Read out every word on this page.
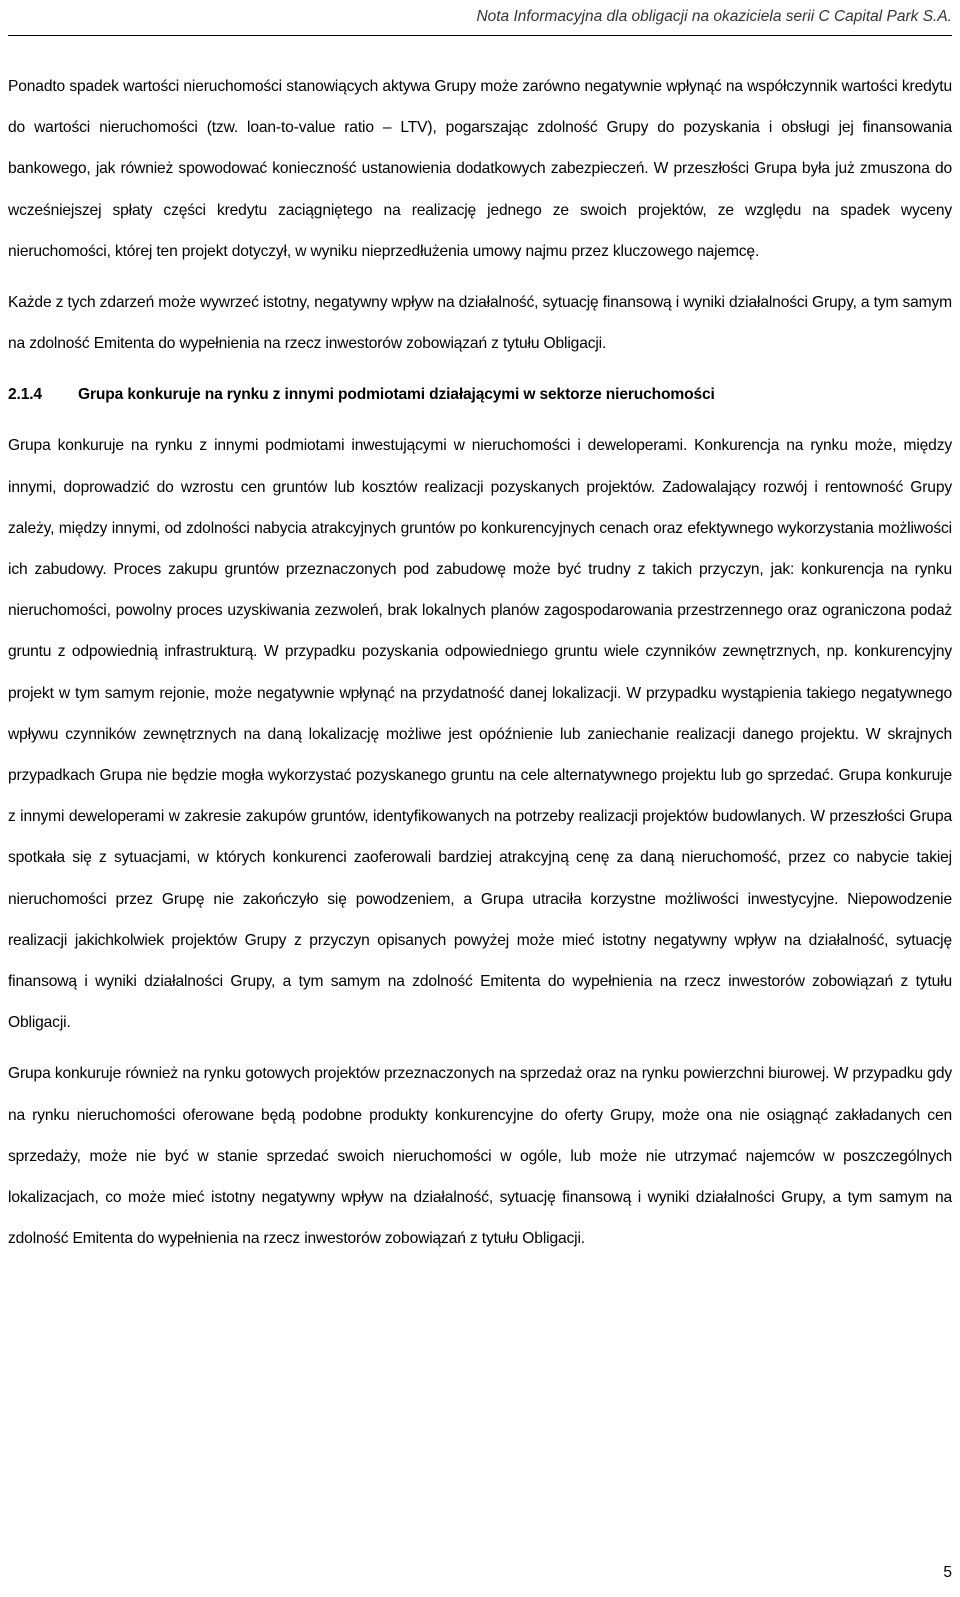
Nota Informacyjna dla obligacji na okaziciela serii C Capital Park S.A.

Ponadto spadek wartości nieruchomości stanowiących aktywa Grupy może zarówno negatywnie wpłynąć na współczynnik wartości kredytu do wartości nieruchomości (tzw. loan-to-value ratio – LTV), pogarszając zdolność Grupy do pozyskania i obsługi jej finansowania bankowego, jak również spowodować konieczność ustanowienia dodatkowych zabezpieczeń. W przeszłości Grupa była już zmuszona do wcześniejszej spłaty części kredytu zaciągniętego na realizację jednego ze swoich projektów, ze względu na spadek wyceny nieruchomości, której ten projekt dotyczył, w wyniku nieprzedłużenia umowy najmu przez kluczowego najemcę.

Każde z tych zdarzeń może wywrzeć istotny, negatywny wpływ na działalność, sytuację finansową i wyniki działalności Grupy, a tym samym na zdolność Emitenta do wypełnienia na rzecz inwestorów zobowiązań z tytułu Obligacji.

2.1.4	Grupa konkuruje na rynku z innymi podmiotami działającymi w sektorze nieruchomości

Grupa konkuruje na rynku z innymi podmiotami inwestującymi w nieruchomości i deweloperami. Konkurencja na rynku może, między innymi, doprowadzić do wzrostu cen gruntów lub kosztów realizacji pozyskanych projektów. Zadowalający rozwój i rentowność Grupy zależy, między innymi, od zdolności nabycia atrakcyjnych gruntów po konkurencyjnych cenach oraz efektywnego wykorzystania możliwości ich zabudowy. Proces zakupu gruntów przeznaczonych pod zabudowę może być trudny z takich przyczyn, jak: konkurencja na rynku nieruchomości, powolny proces uzyskiwania zezwoleń, brak lokalnych planów zagospodarowania przestrzennego oraz ograniczona podaż gruntu z odpowiednią infrastrukturą. W przypadku pozyskania odpowiedniego gruntu wiele czynników zewnętrznych, np. konkurencyjny projekt w tym samym rejonie, może negatywnie wpłynąć na przydatność danej lokalizacji. W przypadku wystąpienia takiego negatywnego wpływu czynników zewnętrznych na daną lokalizację możliwe jest opóźnienie lub zaniechanie realizacji danego projektu. W skrajnych przypadkach Grupa nie będzie mogła wykorzystać pozyskanego gruntu na cele alternatywnego projektu lub go sprzedać. Grupa konkuruje z innymi deweloperami w zakresie zakupów gruntów, identyfikowanych na potrzeby realizacji projektów budowlanych. W przeszłości Grupa spotkała się z sytuacjami, w których konkurenci zaoferowali bardziej atrakcyjną cenę za daną nieruchomość, przez co nabycie takiej nieruchomości przez Grupę nie zakończyło się powodzeniem, a Grupa utraciła korzystne możliwości inwestycyjne. Niepowodzenie realizacji jakichkolwiek projektów Grupy z przyczyn opisanych powyżej może mieć istotny negatywny wpływ na działalność, sytuację finansową i wyniki działalności Grupy, a tym samym na zdolność Emitenta do wypełnienia na rzecz inwestorów zobowiązań z tytułu Obligacji.

Grupa konkuruje również na rynku gotowych projektów przeznaczonych na sprzedaż oraz na rynku powierzchni biurowej. W przypadku gdy na rynku nieruchomości oferowane będą podobne produkty konkurencyjne do oferty Grupy, może ona nie osiągnąć zakładanych cen sprzedaży, może nie być w stanie sprzedać swoich nieruchomości w ogóle, lub może nie utrzymać najemców w poszczególnych lokalizacjach, co może mieć istotny negatywny wpływ na działalność, sytuację finansową i wyniki działalności Grupy, a tym samym na zdolność Emitenta do wypełnienia na rzecz inwestorów zobowiązań z tytułu Obligacji.

5
